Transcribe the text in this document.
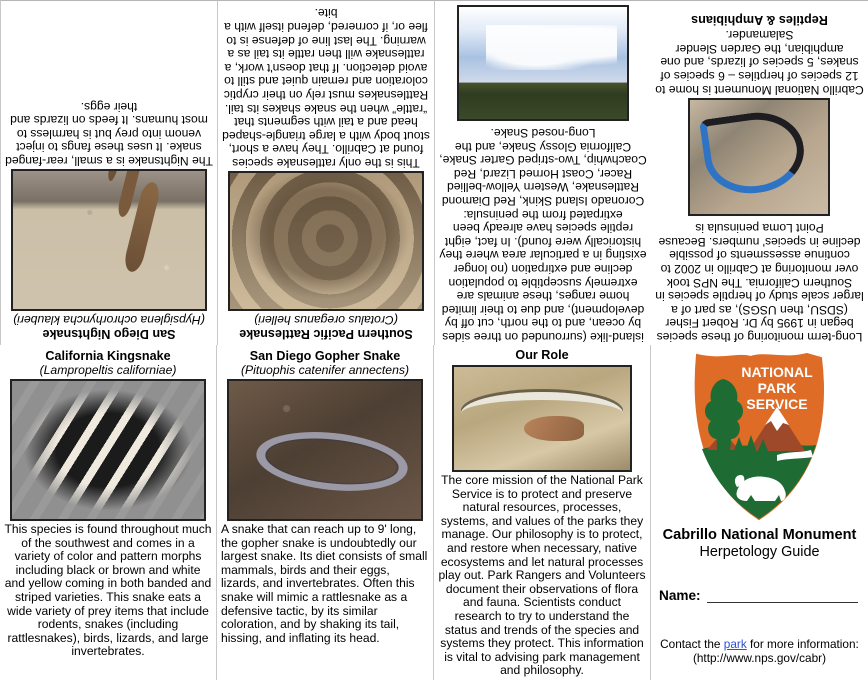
San Diego Nightsnake
(Hypsiglena ochrorhyncha klauberi)
The Nightsnake is a small, rear-fanged snake. It uses these fangs to inject venom into prey but is harmless to most humans. It feeds on lizards and their eggs.
Southern Pacific Rattlesnake
(Crotalus oreganus helleri)
This is the only rattlesnake species found at Cabrillo. They have a short, stout body with a large triangle-shaped head and a tail with segments that “rattle” when the snake shakes its tail. Rattlesnakes must rely on their cryptic coloration and remain quiet and still to avoid detection. If that doesn't work, a rattlesnake will then rattle its tail as a warning. The last line of defense is to flee or, if cornered, defend itself with a bite.
island-like (surrounded on three sides by ocean, and to the north, cut off by development), and due to their limited home ranges, these animals are extremely susceptible to population decline and extirpation (no longer existing in a particular area where they historically were found). In fact, eight reptile species have already been extirpated from the peninsula: Coronado Island Skink, Red Diamond Rattlesnake, Western Yellow-bellied Racer, Coast Horned Lizard, Red Coachwhip, Two-striped Garter Snake, California Glossy Snake, and the Long-nosed Snake.
Long-term monitoring of these species began in 1995 by Dr. Robert Fisher (SDSU, then USGS), as part of a larger scale study of herptile species in Southern California. The NPS took over monitoring at Cabrillo in 2002 to continue assessments of possible decline in species' numbers. Because Point Loma peninsula is
Cabrillo National Monument is home to 12 species of herptiles – 6 species of snakes, 5 species of lizards, and one amphibian, the Garden Slender Salamander.
Reptiles & Amphibians
California Kingsnake
(Lampropeltis californiae)
This species is found throughout much of the southwest and comes in a variety of color and pattern morphs including black or brown and white and yellow coming in both banded and striped varieties. This snake eats a wide variety of prey items that include rodents, snakes (including rattlesnakes), birds, lizards, and large invertebrates.
San Diego Gopher Snake
(Pituophis catenifer annectens)
A snake that can reach up to 9' long, the gopher snake is undoubtedly our largest snake. Its diet consists of small mammals, birds and their eggs, lizards, and invertebrates. Often this snake will mimic a rattlesnake as a defensive tactic, by its similar coloration, and by shaking its tail, hissing, and inflating its head.
Our Role
The core mission of the National Park Service is to protect and preserve natural resources, processes, systems, and values of the parks they manage. Our philosophy is to protect, and restore when necessary, native ecosystems and let natural processes play out. Park Rangers and Volunteers document their observations of flora and fauna. Scientists conduct research to try to understand the status and trends of the species and systems they protect. This information is vital to advising park management and philosophy.
NATIONAL
PARK
SERVICE
Cabrillo National Monument
Herpetology Guide
Name:
Contact the park for more information:
(http://www.nps.gov/cabr)
